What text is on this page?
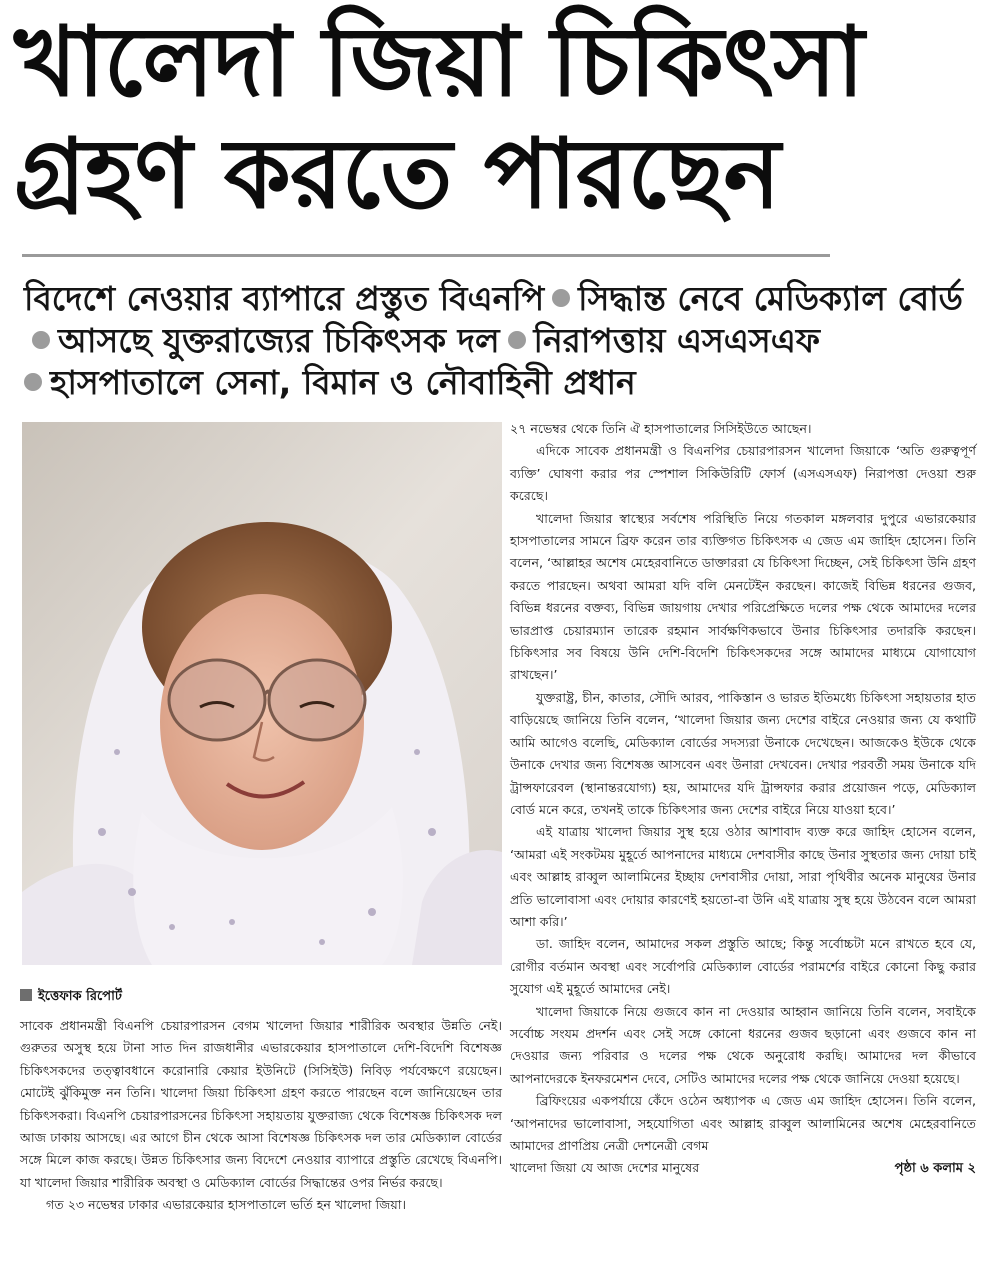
খালেদা জিয়া চিকিৎসা
গ্রহণ করতে পারছেন
বিদেশে নেওয়ার ব্যাপারে প্রস্তুত বিএনপি সিদ্ধান্ত নেবে মেডিক্যাল বোর্ডআসছে যুক্তরাজ্যের চিকিৎসক দল নিরাপত্তায় এসএসএফ
হাসপাতালে সেনা, বিমান ও নৌবাহিনী প্রধান
ইত্তেফাক রিপোর্ট

সাবেক প্রধানমন্ত্রী বিএনপি চেয়ারপারসন বেগম খালেদা জিয়ার শারীরিক অবস্থার উন্নতি নেই। গুরুতর অসুস্থ হয়ে টানা সাত দিন রাজধানীর এভারকেয়ার হাসপাতালে দেশি-বিদেশি বিশেষজ্ঞ চিকিৎসকদের তত্ত্বাবধানে করোনারি কেয়ার ইউনিটে (সিসিইউ) নিবিড় পর্যবেক্ষণে রয়েছেন। মোটেই ঝুঁকিমুক্ত নন তিনি। খালেদা জিয়া চিকিৎসা গ্রহণ করতে পারছেন বলে জানিয়েছেন তার চিকিৎসকরা। বিএনপি চেয়ারপারসনের চিকিৎসা সহায়তায় যুক্তরাজ্য থেকে বিশেষজ্ঞ চিকিৎসক দল আজ ঢাকায় আসছে। এর আগে চীন থেকে আসা বিশেষজ্ঞ চিকিৎসক দল তার মেডিক্যাল বোর্ডের সঙ্গে মিলে কাজ করছে। উন্নত চিকিৎসার জন্য বিদেশে নেওয়ার ব্যাপারে প্রস্তুতি রেখেছে বিএনপি। যা খালেদা জিয়ার শারীরিক অবস্থা ও মেডিক্যাল বোর্ডের সিদ্ধান্তের ওপর নির্ভর করছে।

গত ২৩ নভেম্বর ঢাকার এভারকেয়ার হাসপাতালে ভর্তি হন খালেদা জিয়া।

২৭ নভেম্বর থেকে তিনি ঐ হাসপাতালের সিসিইউতে আছেন।

এদিকে সাবেক প্রধানমন্ত্রী ও বিএনপির চেয়ারপারসন খালেদা জিয়াকে ‘অতি গুরুত্বপূর্ণ ব্যক্তি’ ঘোষণা করার পর স্পেশাল সিকিউরিটি ফোর্স (এসএসএফ) নিরাপত্তা দেওয়া শুরু করেছে।

খালেদা জিয়ার স্বাস্থ্যের সর্বশেষ পরিস্থিতি নিয়ে গতকাল মঙ্গলবার দুপুরে এভারকেয়ার হাসপাতালের সামনে ব্রিফ করেন তার ব্যক্তিগত চিকিৎসক এ জেড এম জাহিদ হোসেন। তিনি বলেন, ‘আল্লাহর অশেষ মেহেরবানিতে ডাক্তাররা যে চিকিৎসা দিচ্ছেন, সেই চিকিৎসা উনি গ্রহণ করতে পারছেন। অথবা আমরা যদি বলি মেনটেইন করছেন। কাজেই বিভিন্ন ধরনের গুজব, বিভিন্ন ধরনের বক্তব্য, বিভিন্ন জায়গায় দেখার পরিপ্রেক্ষিতে দলের পক্ষ থেকে আমাদের দলের ভারপ্রাপ্ত চেয়ারম্যান তারেক রহমান সার্বক্ষণিকভাবে উনার চিকিৎসার তদারকি করছেন। চিকিৎসার সব বিষয়ে উনি দেশি-বিদেশি চিকিৎসকদের সঙ্গে আমাদের মাধ্যমে যোগাযোগ রাখছেন।’

যুক্তরাষ্ট্র, চীন, কাতার, সৌদি আরব, পাকিস্তান ও ভারত ইতিমধ্যে চিকিৎসা সহায়তার হাত বাড়িয়েছে জানিয়ে তিনি বলেন, ‘খালেদা জিয়ার জন্য দেশের বাইরে নেওয়ার জন্য যে কথাটি আমি আগেও বলেছি, মেডিক্যাল বোর্ডের সদস্যরা উনাকে দেখেছেন। আজকেও ইউকে থেকে উনাকে দেখার জন্য বিশেষজ্ঞ আসবেন এবং উনারা দেখবেন। দেখার পরবর্তী সময় উনাকে যদি ট্রান্সফারেবল (স্থানান্তরযোগ্য) হয়, আমাদের যদি ট্রান্সফার করার প্রয়োজন পড়ে, মেডিক্যাল বোর্ড মনে করে, তখনই তাকে চিকিৎসার জন্য দেশের বাইরে নিয়ে যাওয়া হবে।’

এই যাত্রায় খালেদা জিয়ার সুস্থ হয়ে ওঠার আশাবাদ ব্যক্ত করে জাহিদ হোসেন বলেন, ‘আমরা এই সংকটময় মুহূর্তে আপনাদের মাধ্যমে দেশবাসীর কাছে উনার সুস্থতার জন্য দোয়া চাই এবং আল্লাহ রাব্বুল আলামিনের ইচ্ছায় দেশবাসীর দোয়া, সারা পৃথিবীর অনেক মানুষের উনার প্রতি ভালোবাসা এবং দোয়ার কারণেই হয়তো-বা উনি এই যাত্রায় সুস্থ হয়ে উঠবেন বলে আমরা আশা করি।’

ডা. জাহিদ বলেন, আমাদের সকল প্রস্তুতি আছে; কিন্তু সর্বোচ্চটা মনে রাখতে হবে যে, রোগীর বর্তমান অবস্থা এবং সর্বোপরি মেডিক্যাল বোর্ডের পরামর্শের বাইরে কোনো কিছু করার সুযোগ এই মুহূর্তে আমাদের নেই।

খালেদা জিয়াকে নিয়ে গুজবে কান না দেওয়ার আহ্বান জানিয়ে তিনি বলেন, সবাইকে সর্বোচ্চ সংযম প্রদর্শন এবং সেই সঙ্গে কোনো ধরনের গুজব ছড়ানো এবং গুজবে কান না দেওয়ার জন্য পরিবার ও দলের পক্ষ থেকে অনুরোধ করছি। আমাদের দল কীভাবে আপনাদেরকে ইনফরমেশন দেবে, সেটিও আমাদের দলের পক্ষ থেকে জানিয়ে দেওয়া হয়েছে।

ব্রিফিংয়ের একপর্যায়ে কেঁদে ওঠেন অধ্যাপক এ জেড এম জাহিদ হোসেন। তিনি বলেন, ‘আপনাদের ভালোবাসা, সহযোগিতা এবং আল্লাহ রাব্বুল আলামিনের অশেষ মেহেরবানিতে আমাদের প্রাণপ্রিয় নেত্রী দেশনেত্রী বেগম

খালেদা জিয়া যে আজ দেশের মানুষের	পৃষ্ঠা ৬ কলাম ২
